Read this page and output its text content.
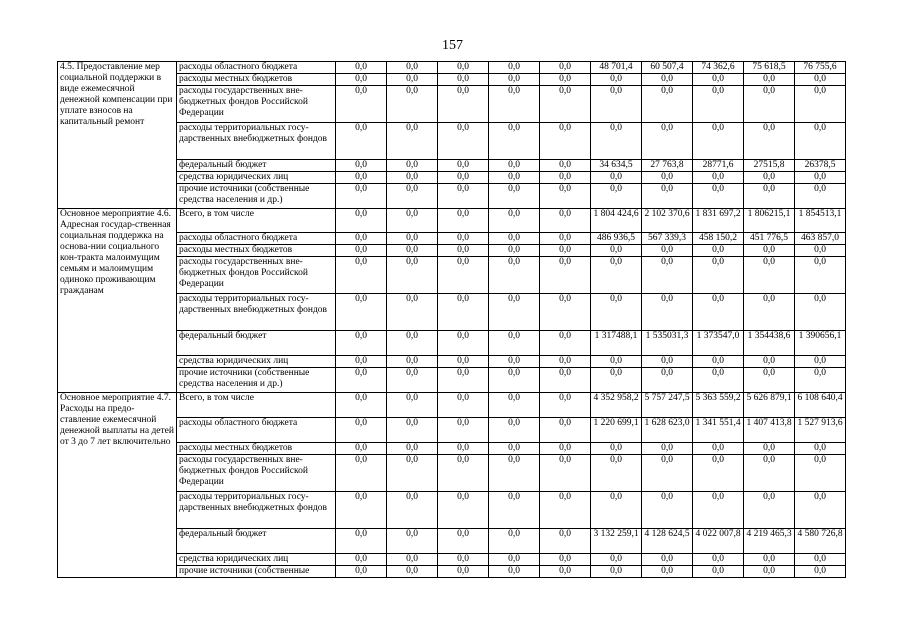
157
4.5. Предоставление мер социальной поддержки в виде ежемесячной денежной компенсации при уплате взносов на капитальный ремонт	расходы областного бюджета	0,0	0,0	0,0	0,0	0,0	48 701,4	60 507,4	74 362,6	75 618,5	76 755,6
	расходы местных бюджетов	0,0	0,0	0,0	0,0	0,0	0,0	0,0	0,0	0,0	0,0
	расходы государственных вне-бюджетных фондов Российской Федерации	0,0	0,0	0,0	0,0	0,0	0,0	0,0	0,0	0,0	0,0
	расходы территориальных госу-дарственных внебюджетных фондов	0,0	0,0	0,0	0,0	0,0	0,0	0,0	0,0	0,0	0,0
	федеральный бюджет	0,0	0,0	0,0	0,0	0,0	34 634,5	27 763,8	28771,6	27515,8	26378,5
	средства юридических лиц	0,0	0,0	0,0	0,0	0,0	0,0	0,0	0,0	0,0	0,0
	прочие источники (собственные средства населения и др.)	0,0	0,0	0,0	0,0	0,0	0,0	0,0	0,0	0,0	0,0
Основное мероприятие 4.6. Адресная государ-ственная социальная поддержка на основа-нии социального кон-тракта малоимущим семьям и малоимущим одиноко проживающим гражданам	Всего, в том числе	0,0	0,0	0,0	0,0	0,0	1 804 424,6	2 102 370,6	1 831 697,2	1 806215,1	1 854513,1
	расходы областного бюджета	0,0	0,0	0,0	0,0	0,0	486 936,5	567 339,3	458 150,2	451 776,5	463 857,0
	расходы местных бюджетов	0,0	0,0	0,0	0,0	0,0	0,0	0,0	0,0	0,0	0,0
	расходы государственных вне-бюджетных фондов Российской Федерации	0,0	0,0	0,0	0,0	0,0	0,0	0,0	0,0	0,0	0,0
	расходы территориальных госу-дарственных внебюджетных фондов	0,0	0,0	0,0	0,0	0,0	0,0	0,0	0,0	0,0	0,0
	федеральный бюджет	0,0	0,0	0,0	0,0	0,0	1 317488,1	1 535031,3	1 373547,0	1 354438,6	1 390656,1
	средства юридических лиц	0,0	0,0	0,0	0,0	0,0	0,0	0,0	0,0	0,0	0,0
	прочие источники (собственные средства населения и др.)	0,0	0,0	0,0	0,0	0,0	0,0	0,0	0,0	0,0	0,0
Основное мероприятие 4.7. Расходы на предо-ставление ежемесячной денежной выплаты на детей от 3 до 7 лет включительно	Всего, в том числе	0,0	0,0	0,0	0,0	0,0	4 352 958,2	5 757 247,5	5 363 559,2	5 626 879,1	6 108 640,4
	расходы областного бюджета	0,0	0,0	0,0	0,0	0,0	1 220 699,1	1 628 623,0	1 341 551,4	1 407 413,8	1 527 913,6
	расходы местных бюджетов	0,0	0,0	0,0	0,0	0,0	0,0	0,0	0,0	0,0	0,0
	расходы государственных вне-бюджетных фондов Российской Федерации	0,0	0,0	0,0	0,0	0,0	0,0	0,0	0,0	0,0	0,0
	расходы территориальных госу-дарственных внебюджетных фондов	0,0	0,0	0,0	0,0	0,0	0,0	0,0	0,0	0,0	0,0
	федеральный бюджет	0,0	0,0	0,0	0,0	0,0	3 132 259,1	4 128 624,5	4 022 007,8	4 219 465,3	4 580 726,8
	средства юридических лиц	0,0	0,0	0,0	0,0	0,0	0,0	0,0	0,0	0,0	0,0
	прочие источники (собственные	0,0	0,0	0,0	0,0	0,0	0,0	0,0	0,0	0,0	0,0
